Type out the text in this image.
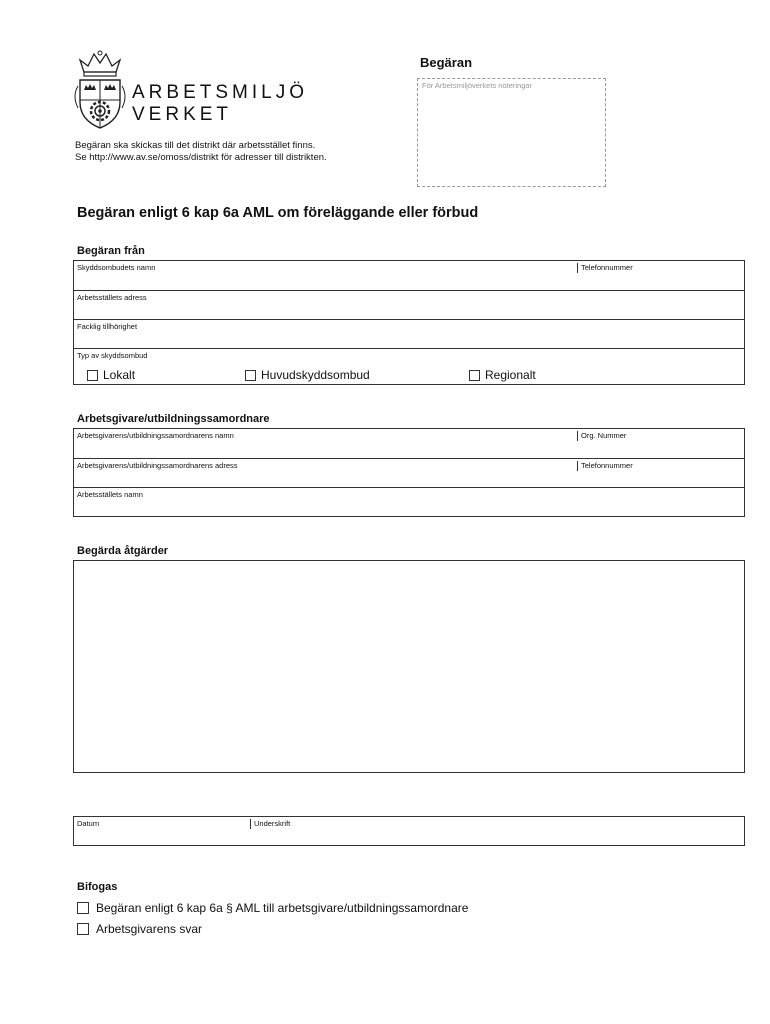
ARBETSMILJÖ
VERKET
Begäran ska skickas till det distrikt där arbetsstället finns.
Se http://www.av.se/omoss/distrikt för adresser till distrikten.
Begäran
För Arbetsmiljöverkets noteringar
Begäran enligt 6 kap 6a AML om föreläggande eller förbud
Begäran från
Skyddsombudets namn	Telefonnummer
Arbetsställets adress
Facklig tillhörighet
Typ av skyddsombud
Lokalt	Huvudskyddsombud	Regionalt
Arbetsgivare/utbildningssamordnare
Arbetsgivarens/utbildningssamordnarens namn	Org. Nummer
Arbetsgivarens/utbildningssamordnarens adress	Telefonnummer
Arbetsställets namn
Begärda åtgärder
Datum	Underskrift
Bifogas
Begäran enligt 6 kap 6a § AML till arbetsgivare/utbildningssamordnare
Arbetsgivarens svar
